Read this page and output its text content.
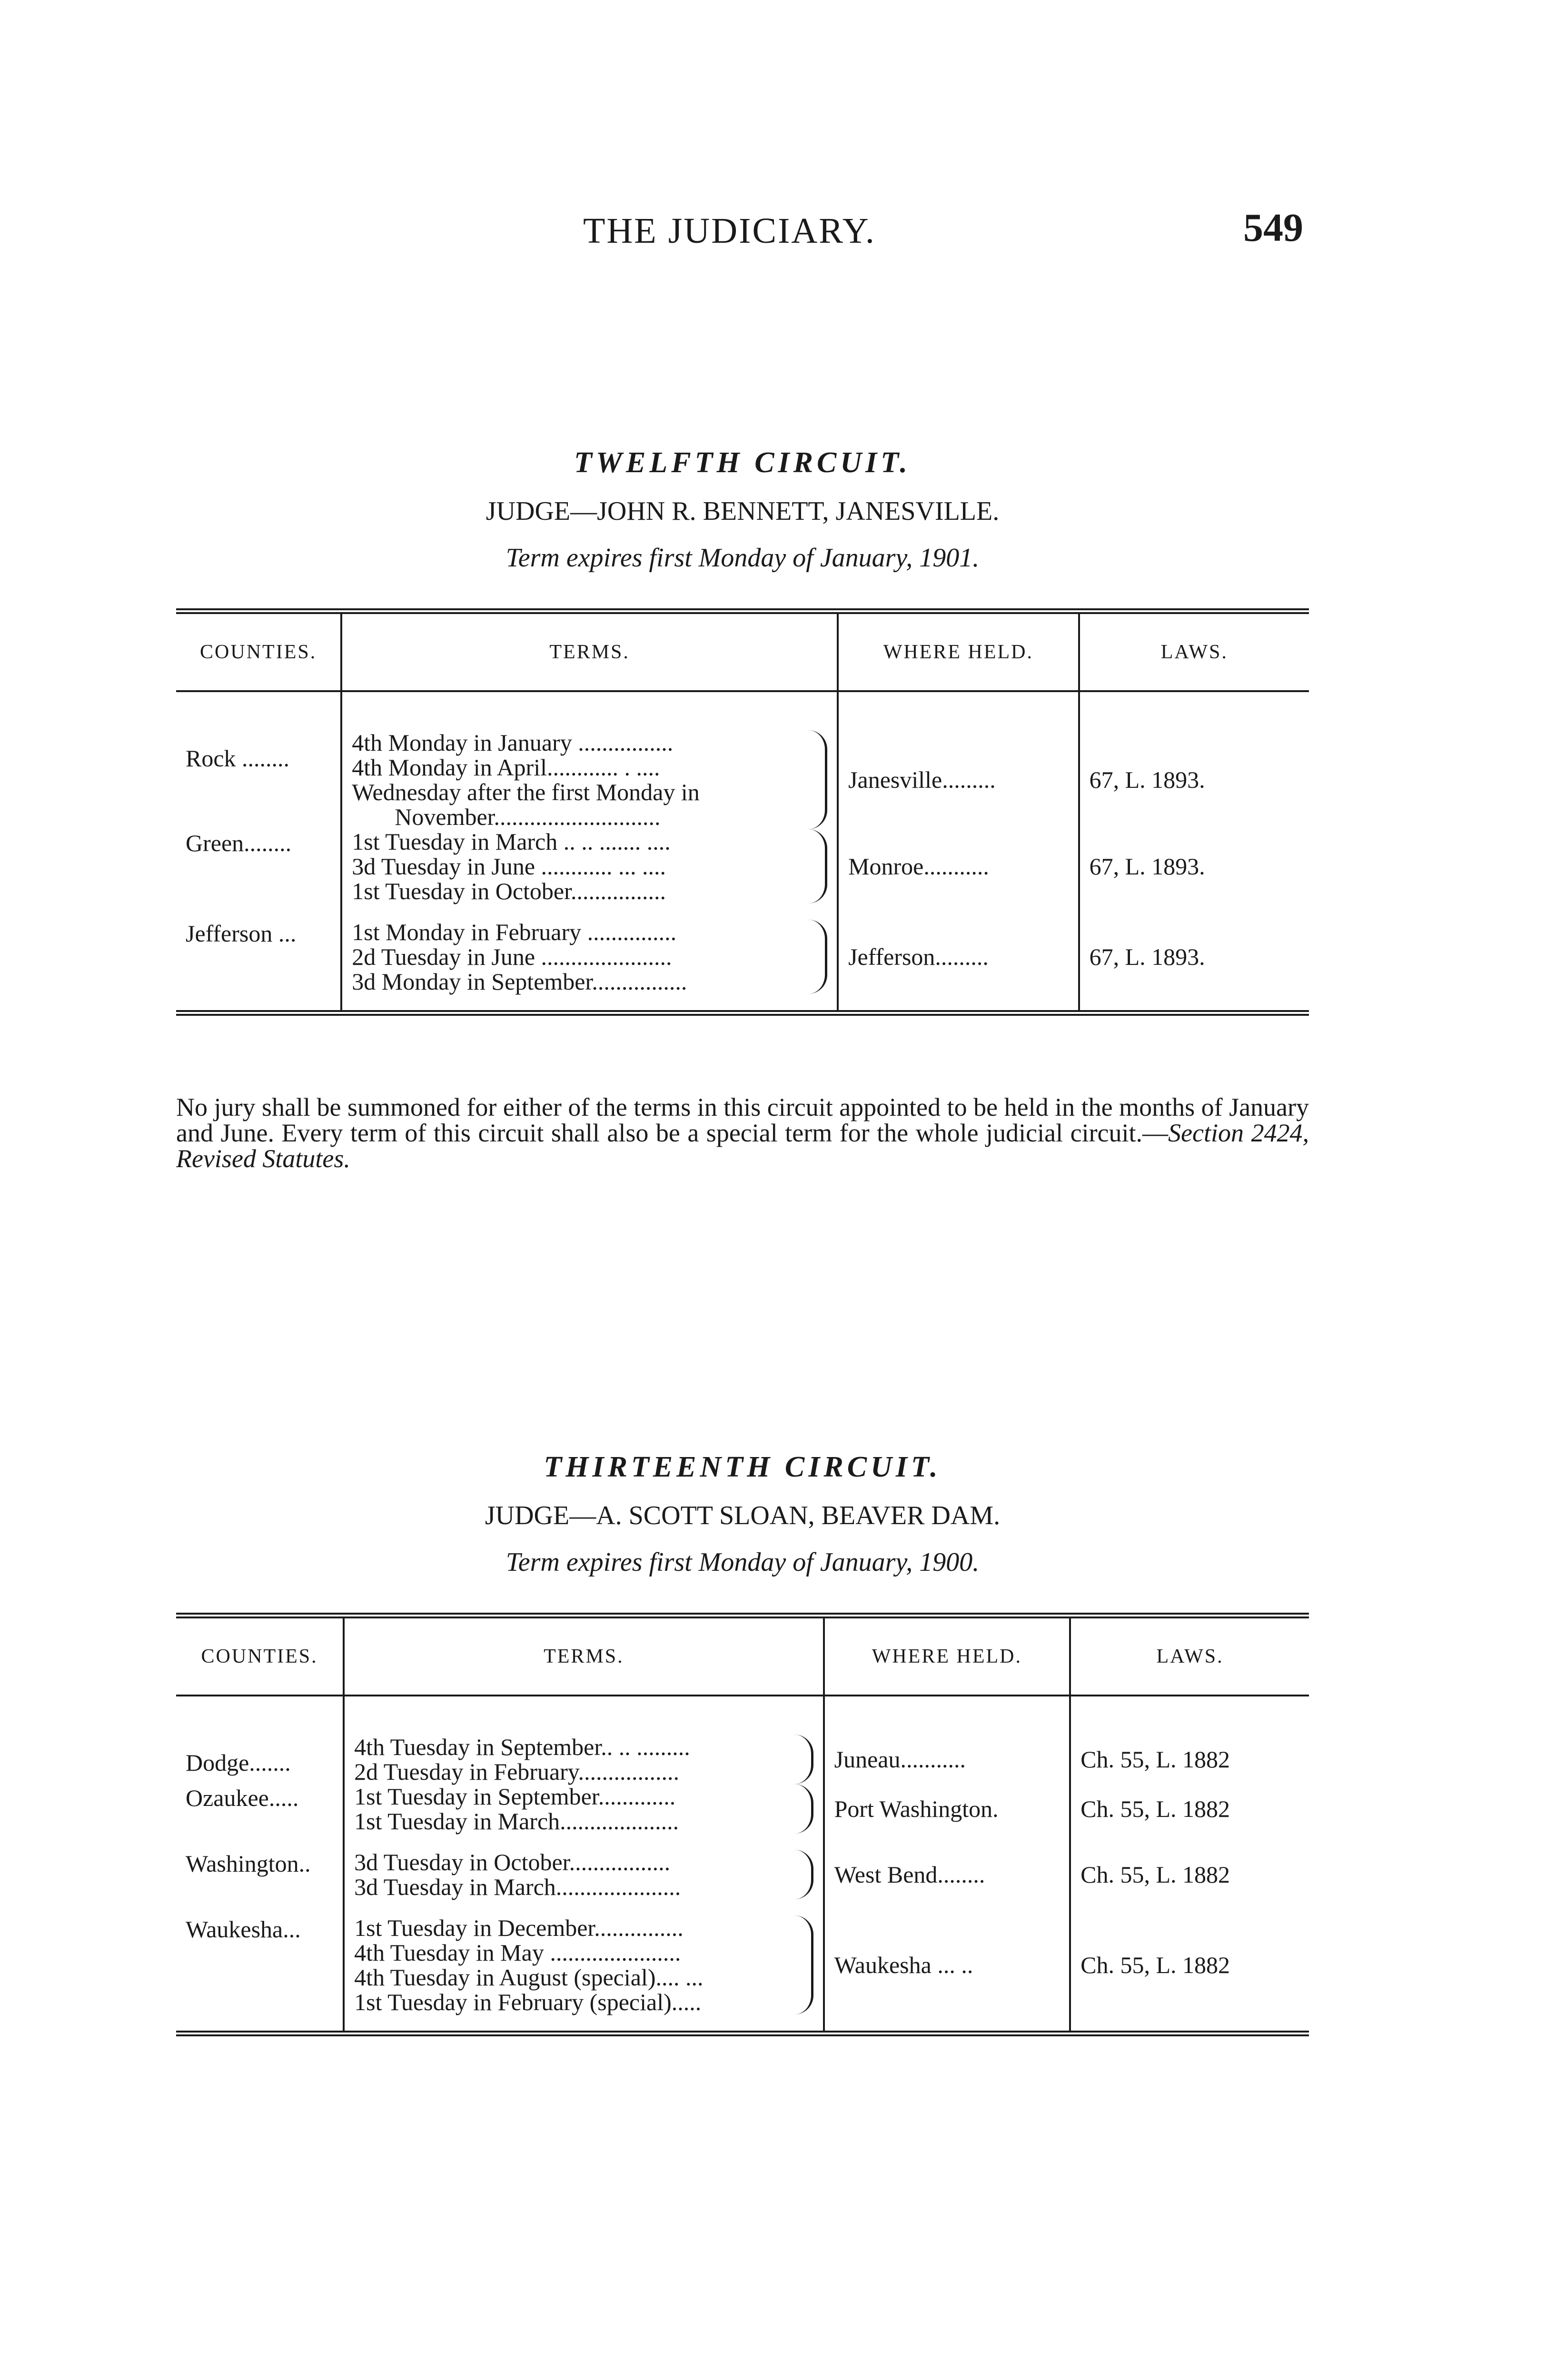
THE JUDICIARY.	549
TWELFTH CIRCUIT.
JUDGE—JOHN R. BENNETT, JANESVILLE.
Term expires first Monday of January, 1901.
COUNTIES.	TERMS.	WHERE HELD.	LAWS.
Rock ........	4th Monday in January ................
4th Monday in April............ . ....
Wednesday after the first Monday in
November............................	Janesville.........	67, L. 1893.
Green........	1st Tuesday in March .. .. ....... ....
3d Tuesday in June ............ ... ....
1st Tuesday in October................	Monroe...........	67, L. 1893.
Jefferson ...	1st Monday in February ...............
2d Tuesday in June ......................
3d Monday in September................	Jefferson.........	67, L. 1893.

No jury shall be summoned for either of the terms in this circuit appointed to be held in the months of January and June. Every term of this circuit shall also be a special term for the whole judicial circuit.—Section 2424, Revised Statutes.

THIRTEENTH CIRCUIT.
JUDGE—A. SCOTT SLOAN, BEAVER DAM.
Term expires first Monday of January, 1900.
COUNTIES.	TERMS.	WHERE HELD.	LAWS.
Dodge.......	4th Tuesday in September.. .. .........
2d Tuesday in February.................	Juneau...........	Ch. 55, L. 1882
Ozaukee.....	1st Tuesday in September.............
1st Tuesday in March....................	Port Washington.	Ch. 55, L. 1882
Washington..	3d Tuesday in October.................
3d Tuesday in March.....................	West Bend........	Ch. 55, L. 1882
Waukesha...	1st Tuesday in December...............
4th Tuesday in May ......................
4th Tuesday in August (special).... ...
1st Tuesday in February (special).....	Waukesha ... ..	Ch. 55, L. 1882
